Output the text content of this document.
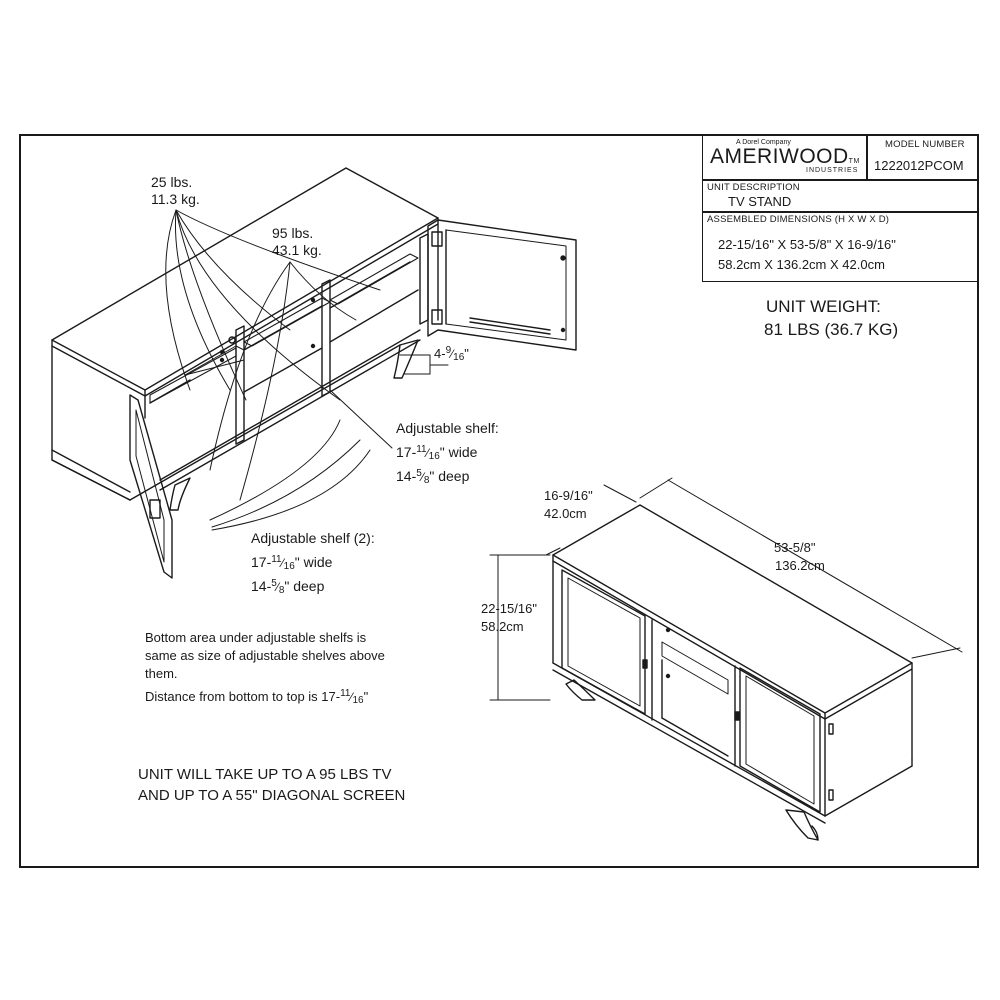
A Dorel Company
AMERIWOODTM
INDUSTRIES
MODEL NUMBER
1222012PCOM
UNIT DESCRIPTION
TV STAND
ASSEMBLED DIMENSIONS (H X W X D)
22-15/16" X 53-5/8" X 16-9/16"
58.2cm X 136.2cm X 42.0cm
UNIT WEIGHT:
81 LBS (36.7 KG)
25 lbs.
11.3 kg.
95 lbs.
43.1 kg.
4-$^9$⁄16"
Adjustable shelf:
17-$^{11}$⁄16" wide
14-$^5$⁄8" deep
Adjustable shelf (2):
17-$^{11}$⁄16" wide
14-$^5$⁄8" deep
Bottom area under adjustable shelfs is
same as size of adjustable shelves above
them.
Distance from bottom to top is 17-$^{11}$⁄16"
UNIT WILL TAKE UP TO A 95 LBS TV
AND UP TO A 55" DIAGONAL SCREEN
16-9/16"
42.0cm
53-5/8"
136.2cm
22-15/16"
58.2cm
